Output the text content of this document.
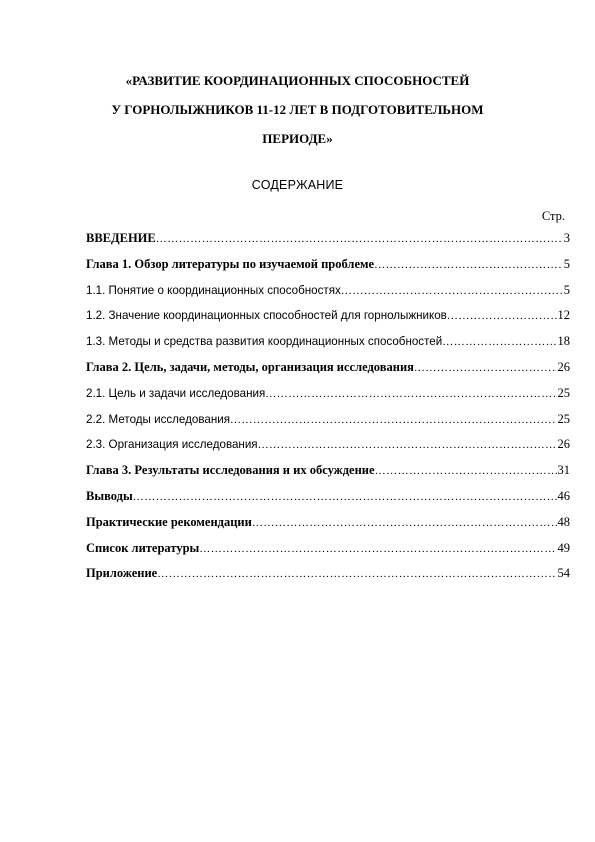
«РАЗВИТИЕ КООРДИНАЦИОННЫХ СПОСОБНОСТЕЙ
У ГОРНОЛЫЖНИКОВ 11-12 ЛЕТ В ПОДГОТОВИТЕЛЬНОМ
ПЕРИОДЕ»
СОДЕРЖАНИЕ
Стр.
ВВЕДЕНИЕ ……………………………………………………………………………………………………………………………………………………………………………………………………………………	3
Глава 1. Обзор литературы по изучаемой проблеме ……………………………………………………………………………………………………………………………………………………………………………………………………………………	5
1.1. Понятие о координационных способностях ……………………………………………………………………………………………………………………………………………………………………………………………………………………	5
1.2. Значение координационных способностей для горнолыжников ……………………………………………………………………………………………………………………………………………………………………………………………………………………	12
1.3. Методы и средства развития координационных способностей ……………………………………………………………………………………………………………………………………………………………………………………………………………………	18
Глава 2. Цель, задачи, методы, организация исследования ……………………………………………………………………………………………………………………………………………………………………………………………………………………	26
2.1. Цель и задачи исследования ……………………………………………………………………………………………………………………………………………………………………………………………………………………	25
2.2. Методы исследования ……………………………………………………………………………………………………………………………………………………………………………………………………………………	25
2.3. Организация исследования ……………………………………………………………………………………………………………………………………………………………………………………………………………………	26
Глава 3. Результаты исследования и их обсуждение ……………………………………………………………………………………………………………………………………………………………………………………………………………………	31
Выводы ……………………………………………………………………………………………………………………………………………………………………………………………………………………	46
Практические рекомендации ……………………………………………………………………………………………………………………………………………………………………………………………………………………	48
Список литературы ……………………………………………………………………………………………………………………………………………………………………………………………………………………	49
Приложение ……………………………………………………………………………………………………………………………………………………………………………………………………………………	54
